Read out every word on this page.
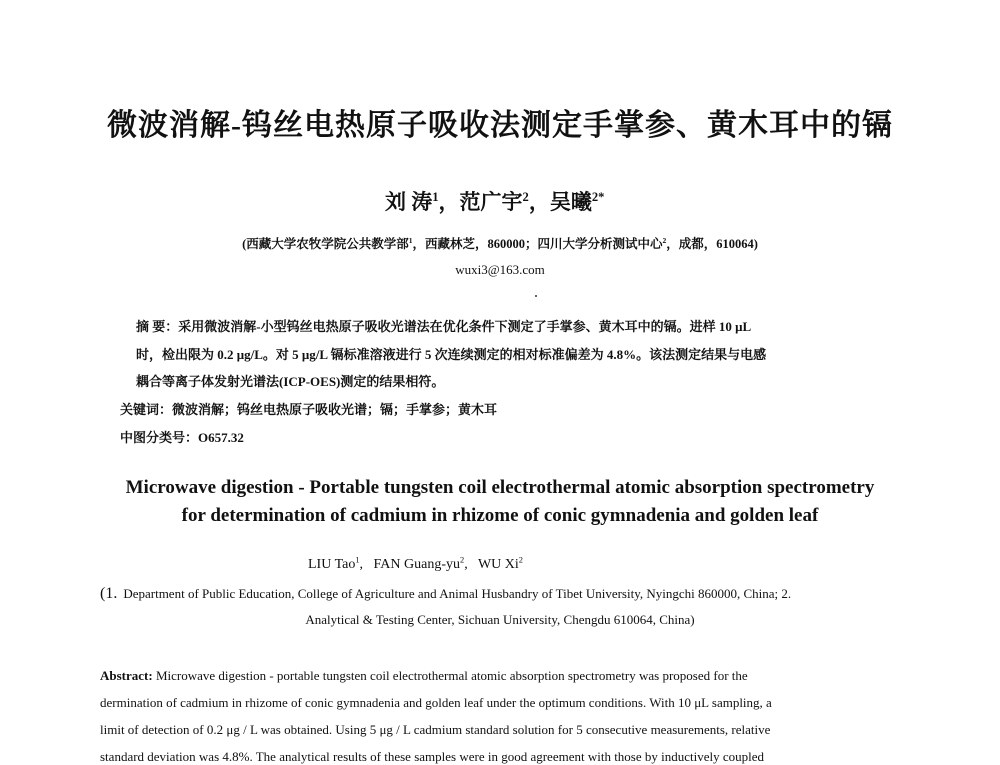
微波消解-钨丝电热原子吸收法测定手掌参、黄木耳中的镉
刘 涛$^1$，范广宇$^2$，吴曦$^{2*}$
(西藏大学农牧学院公共教学部$^1$，西藏林芝，860000；四川大学分析测试中心$^2$，成都，610064)
wuxi3@163.com
摘 要：采用微波消解-小型钨丝电热原子吸收光谱法在优化条件下测定了手掌参、黄木耳中的镉。进样 10 μL
时，检出限为 0.2 μg/L。对 5 μg/L 镉标准溶液进行 5 次连续测定的相对标准偏差为 4.8%。该法测定结果与电感
耦合等离子体发射光谱法(ICP-OES)测定的结果相符。
关键词：微波消解；钨丝电热原子吸收光谱；镉；手掌参；黄木耳
中图分类号：O657.32
Microwave digestion - Portable tungsten coil electrothermal atomic absorption spectrometry
for determination of cadmium in rhizome of conic gymnadenia and golden leaf
LIU Tao$^1$,   FAN Guang-$yu^2$,   WU Xi$^2$
(1. Department of Public Education, College of Agriculture and Animal Husbandry of Tibet University, Nyingchi 860000, China; 2.
Analytical & Testing Center, Sichuan University, Chengdu 610064, China)
Abstract: Microwave digestion - portable tungsten coil electrothermal atomic absorption spectrometry was proposed for the
dermination of cadmium in rhizome of conic gymnadenia and golden leaf under the optimum conditions. With 10 μL sampling, a
limit of detection of 0.2 μg / L was obtained. Using 5 μg / L cadmium standard solution for 5 consecutive measurements, relative
standard deviation was 4.8%. The analytical results of these samples were in good agreement with those by inductively coupled
